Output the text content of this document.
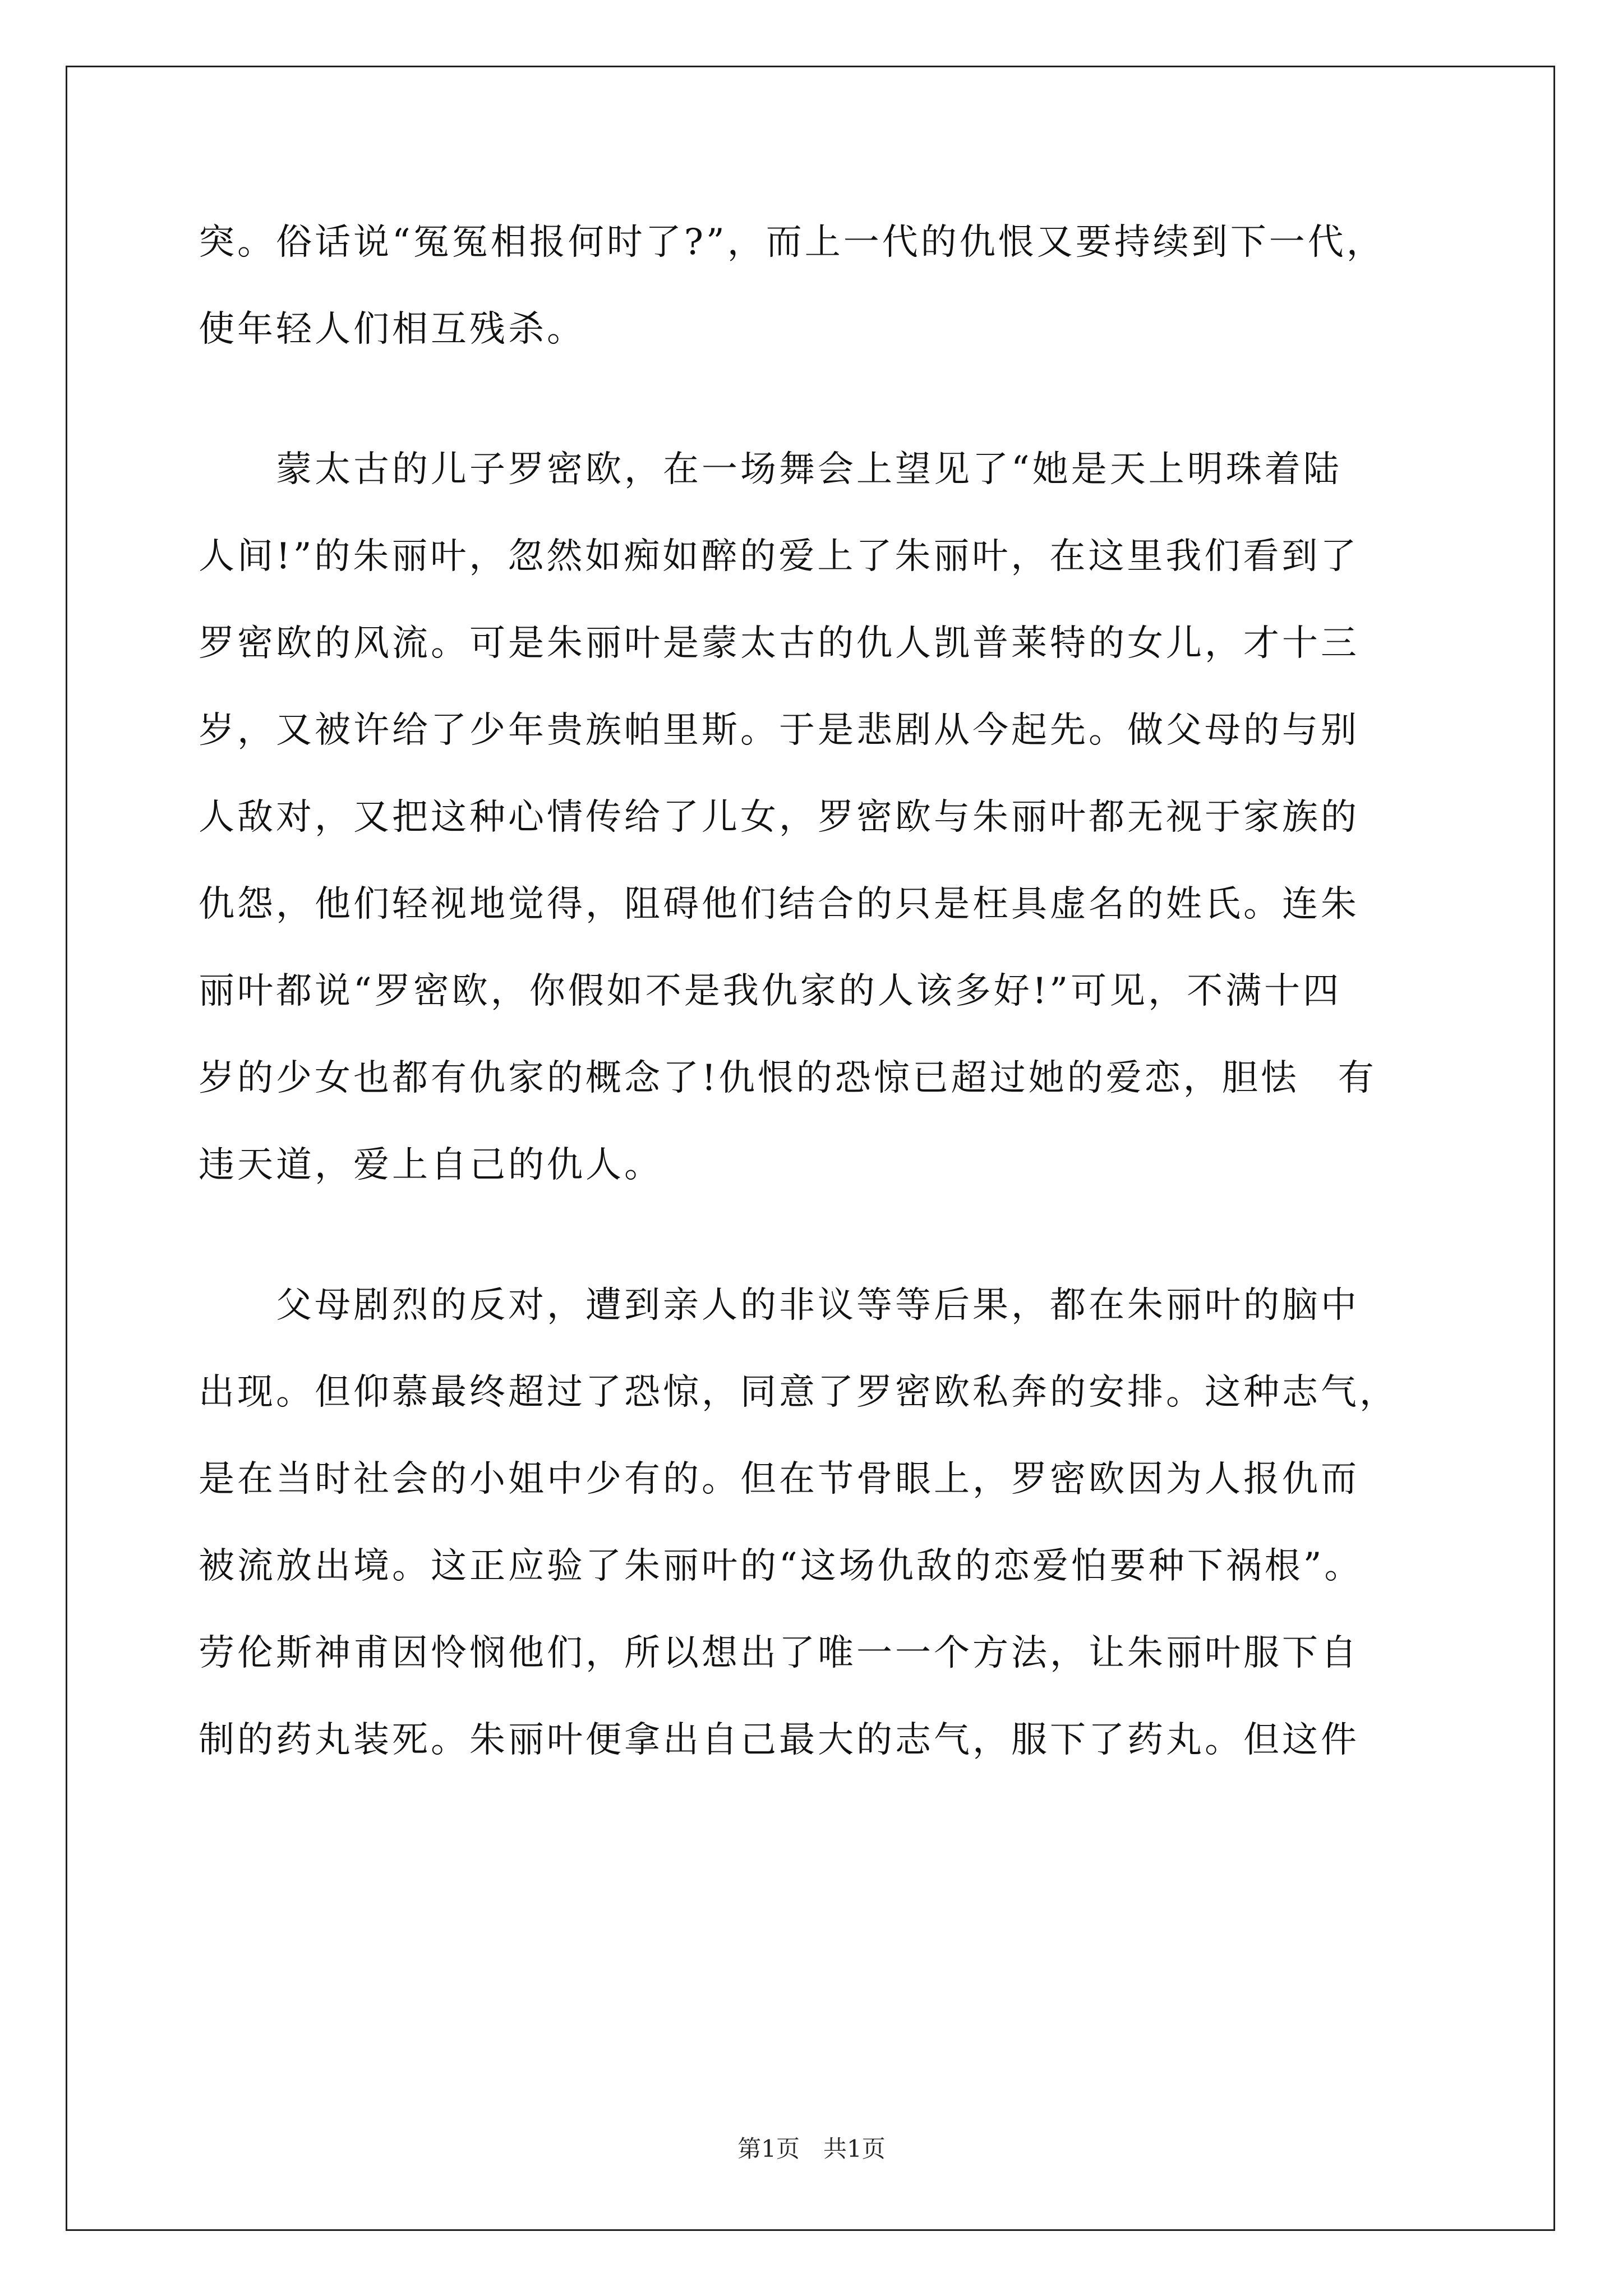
突。俗话说“冤冤相报何时了?”，而上一代的仇恨又要持续到下一代，
使年轻人们相互残杀。
　　蒙太古的儿子罗密欧，在一场舞会上望见了“她是天上明珠着陆
人间!”的朱丽叶，忽然如痴如醉的爱上了朱丽叶，在这里我们看到了
罗密欧的风流。可是朱丽叶是蒙太古的仇人凯普莱特的女儿，才十三
岁，又被许给了少年贵族帕里斯。于是悲剧从今起先。做父母的与别
人敌对，又把这种心情传给了儿女，罗密欧与朱丽叶都无视于家族的
仇怨，他们轻视地觉得，阻碍他们结合的只是枉具虚名的姓氏。连朱
丽叶都说“罗密欧，你假如不是我仇家的人该多好!”可见，不满十四
岁的少女也都有仇家的概念了!仇恨的恐惊已超过她的爱恋，胆怯　有
违天道，爱上自己的仇人。
　　父母剧烈的反对，遭到亲人的非议等等后果，都在朱丽叶的脑中
出现。但仰慕最终超过了恐惊，同意了罗密欧私奔的安排。这种志气，
是在当时社会的小姐中少有的。但在节骨眼上，罗密欧因为人报仇而
被流放出境。这正应验了朱丽叶的“这场仇敌的恋爱怕要种下祸根”。
劳伦斯神甫因怜悯他们，所以想出了唯一一个方法，让朱丽叶服下自
制的药丸装死。朱丽叶便拿出自己最大的志气，服下了药丸。但这件
第1页　共1页
